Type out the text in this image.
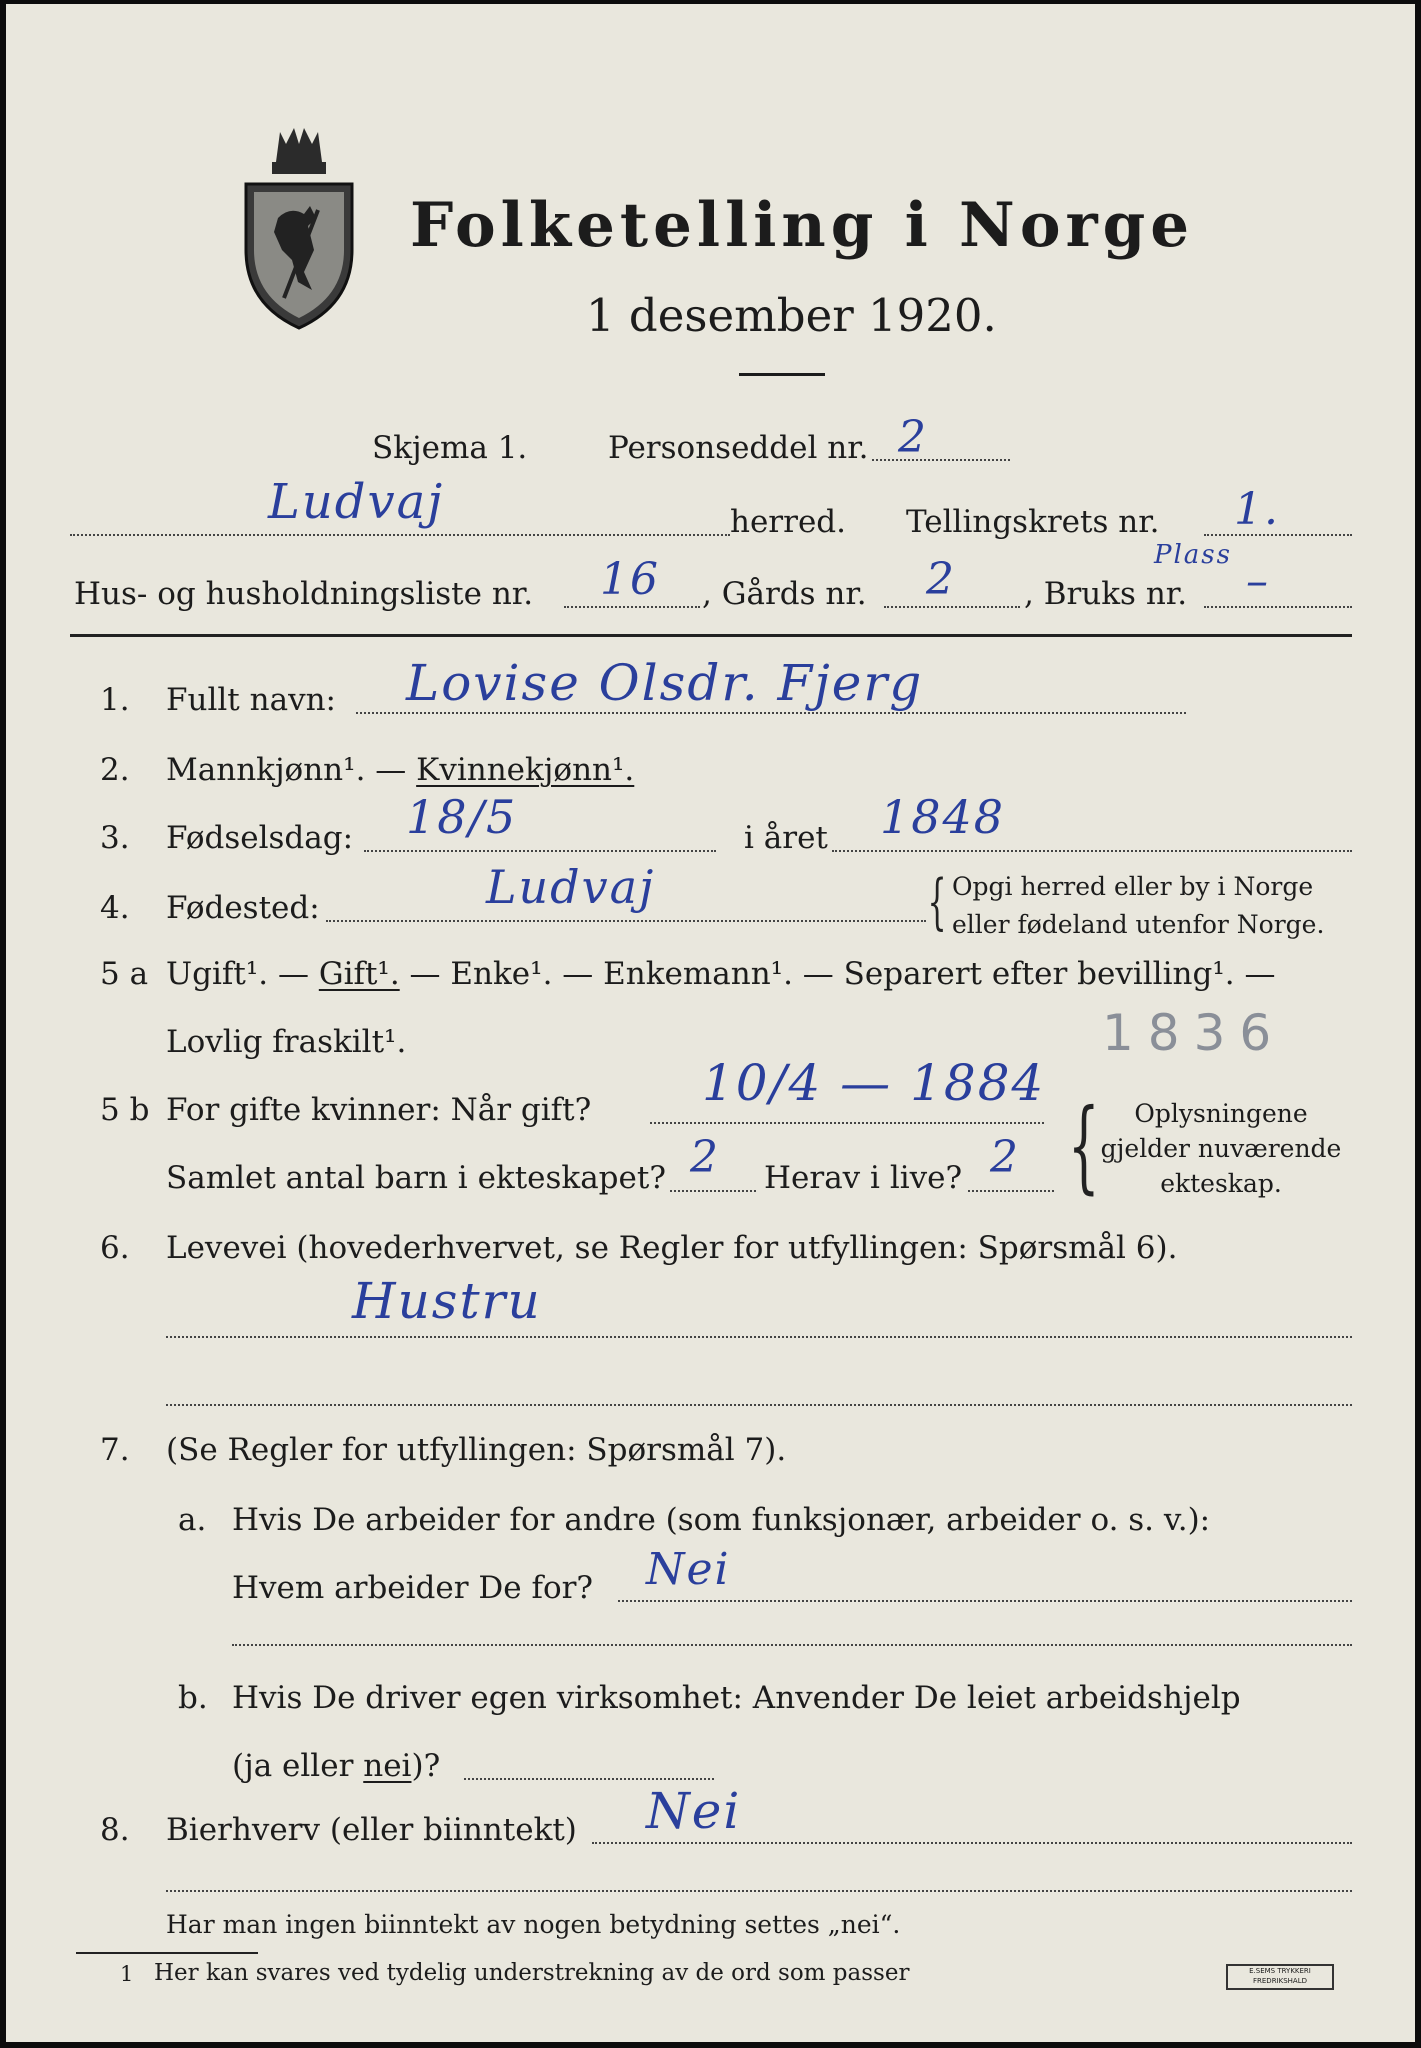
Folketelling i Norge
1 desember 1920.
Skjema 1.	Personseddel nr. 2
Ludvaj	herred. Tellingskrets nr. 1.
Hus- og husholdningsliste nr. 16 , Gårds nr. 2 , Bruks nr. –
Plass
1. Fullt navn: Lovise Olsdr. Fjerg
2. Mannkjønn¹. — Kvinnekjønn¹.
3. Fødselsdag: 18/5	i året 1848
4. Fødested:	Ludvaj	{ Opgi herred eller by i Norge
eller fødeland utenfor Norge.
5 a Ugift¹. — Gift¹. — Enke¹. — Enkemann¹. — Separert efter bevilling¹. —
Lovlig fraskilt¹.	1836
5 b For gifte kvinner: Når gift? 10/4 — 1884
Samlet antal barn i ekteskapet? 2 Herav i live? 2 {	Oplysningene
gjelder nuværende
ekteskap.
6. Levevei (hovederhvervet, se Regler for utfyllingen: Spørsmål 6).
Hustru
7. (Se Regler for utfyllingen: Spørsmål 7).
a. Hvis De arbeider for andre (som funksjonær, arbeider o. s. v.):
Hvem arbeider De for? Nei
b. Hvis De driver egen virksomhet: Anvender De leiet arbeidshjelp
(ja eller nei)?
8. Bierhverv (eller biinntekt) Nei
Har man ingen biinntekt av nogen betydning settes „nei“.
1 Her kan svares ved tydelig understrekning av de ord som passer	E.SEMS TRYKKERI FREDRIKSHALD
